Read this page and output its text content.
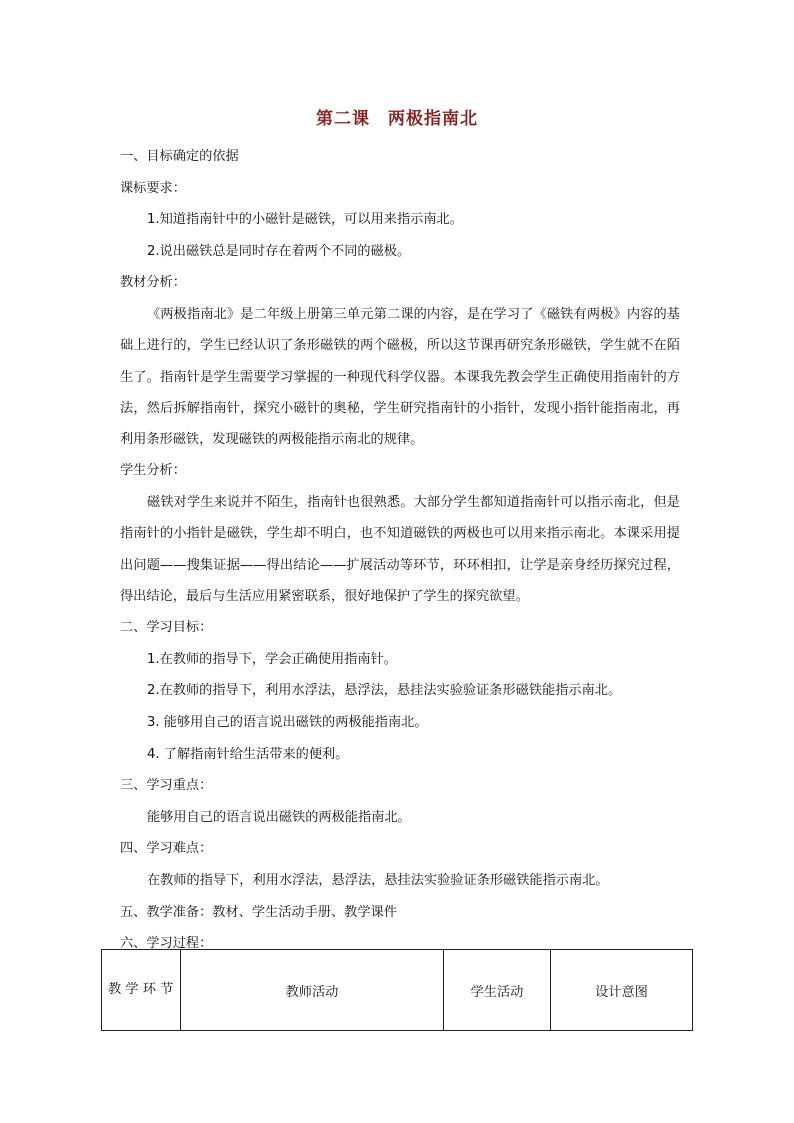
第二课　两极指南北
一、目标确定的依据
课标要求：
1.知道指南针中的小磁针是磁铁，可以用来指示南北。
2.说出磁铁总是同时存在着两个不同的磁极。
教材分析：
《两极指南北》是二年级上册第三单元第二课的内容，是在学习了《磁铁有两极》内容的基础上进行的，学生已经认识了条形磁铁的两个磁极，所以这节课再研究条形磁铁，学生就不在陌生了。指南针是学生需要学习掌握的一种现代科学仪器。本课我先教会学生正确使用指南针的方法，然后拆解指南针，探究小磁针的奥秘，学生研究指南针的小指针，发现小指针能指南北，再利用条形磁铁，发现磁铁的两极能指示南北的规律。
学生分析：
磁铁对学生来说并不陌生，指南针也很熟悉。大部分学生都知道指南针可以指示南北，但是指南针的小指针是磁铁，学生却不明白，也不知道磁铁的两极也可以用来指示南北。本课采用提出问题——搜集证据——得出结论——扩展活动等环节，环环相扣，让学是亲身经历探究过程，得出结论，最后与生活应用紧密联系，很好地保护了学生的探究欲望。
二、学习目标：
1.在教师的指导下，学会正确使用指南针。
2.在教师的指导下，利用水浮法，悬浮法，悬挂法实验验证条形磁铁能指示南北。
3. 能够用自己的语言说出磁铁的两极能指南北。
4. 了解指南针给生活带来的便利。
三、学习重点：
能够用自己的语言说出磁铁的两极能指南北。
四、学习难点：
在教师的指导下，利用水浮法，悬浮法，悬挂法实验验证条形磁铁能指示南北。
五、教学准备：教材、学生活动手册、教学课件
六、学习过程：
教 学 环 节	教师活动	学生活动	设计意图
